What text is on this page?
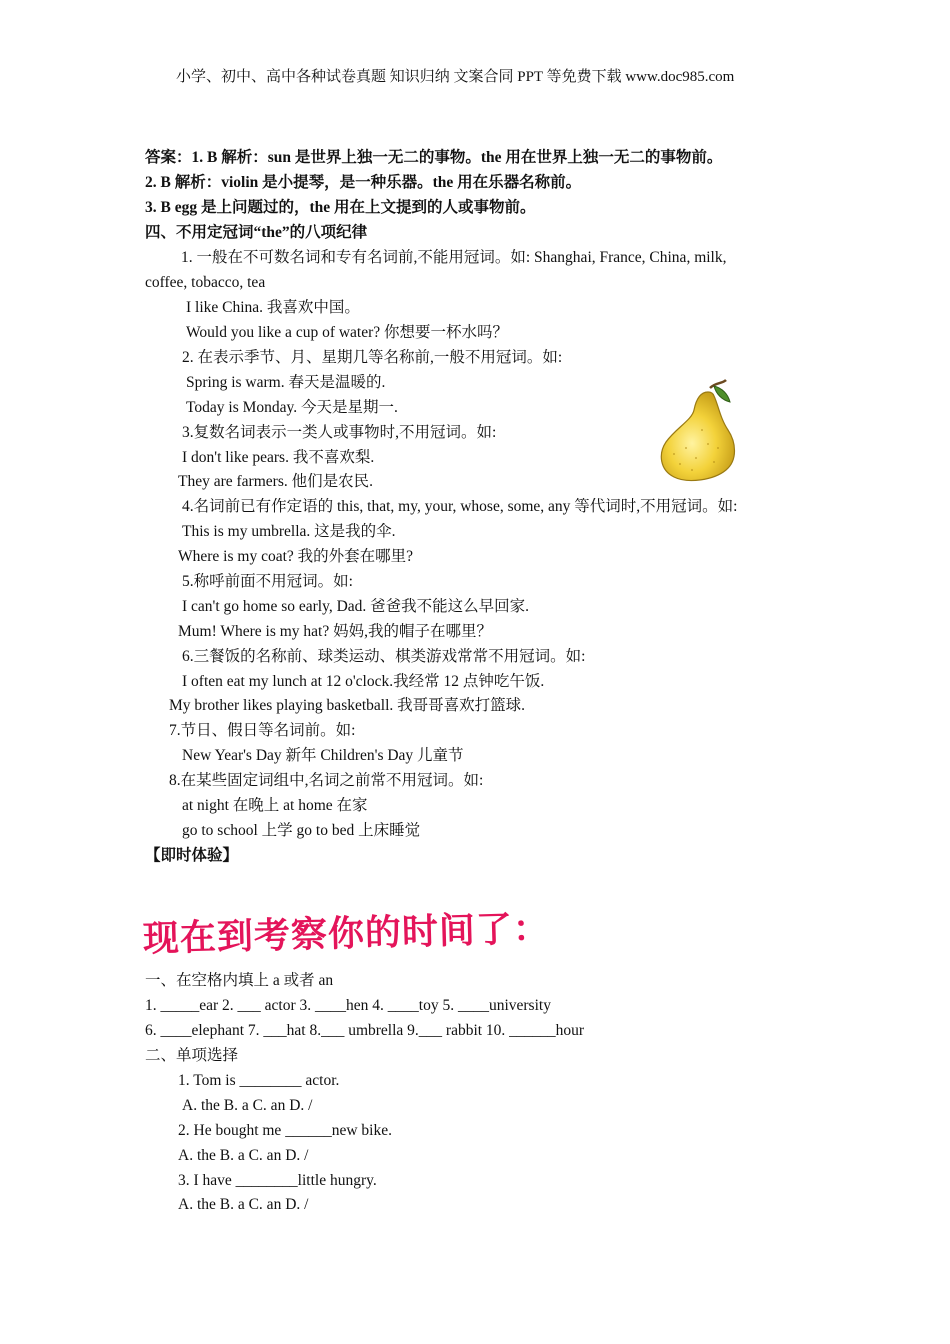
小学、初中、高中各种试卷真题 知识归纳 文案合同 PPT 等免费下载 www.doc985.com
答案：1. B 解析：sun 是世界上独一无二的事物。the 用在世界上独一无二的事物前。
2. B 解析：violin 是小提琴，是一种乐器。the 用在乐器名称前。
3. B egg 是上问题过的，the 用在上文提到的人或事物前。
四、不用定冠词“the”的八项纪律
1. 一般在不可数名词和专有名词前,不能用冠词。如: Shanghai, France, China, milk,
coffee, tobacco, tea
I like China. 我喜欢中国。
Would you like a cup of water? 你想要一杯水吗？
2. 在表示季节、月、星期几等名称前,一般不用冠词。如:
Spring is warm. 春天是温暖的.
Today is Monday. 今天是星期一.
3.复数名词表示一类人或事物时,不用冠词。如:
I don't like pears. 我不喜欢梨.
They are farmers. 他们是农民.
4.名词前已有作定语的 this, that, my, your, whose, some, any 等代词时,不用冠词。如:
This is my umbrella. 这是我的伞.
Where is my coat? 我的外套在哪里?
5.称呼前面不用冠词。如:
I can't go home so early, Dad. 爸爸我不能这么早回家.
Mum! Where is my hat? 妈妈,我的帽子在哪里？
6.三餐饭的名称前、球类运动、棋类游戏常常不用冠词。如:
I often eat my lunch at 12 o'clock.我经常 12 点钟吃午饭.
My brother likes playing basketball. 我哥哥喜欢打篮球.
7.节日、假日等名词前。如:
New Year's Day 新年 Children's Day 儿童节
8.在某些固定词组中,名词之前常不用冠词。如:
at night 在晚上 at home 在家
go to school 上学 go to bed 上床睡觉
【即时体验】
现在到考察你的时间了：
一、在空格内填上 a 或者 an
1. _____ear 2. ___ actor 3. ____hen 4. ____toy 5. ____university
6. ____elephant 7. ___hat 8.___ umbrella 9.___ rabbit 10. ______hour
二、单项选择
1. Tom is ________ actor.
A. the B. a C. an D. /
2. He bought me ______new bike.
A. the B. a C. an D. /
3. I have ________little hungry.
A. the B. a C. an D. /
